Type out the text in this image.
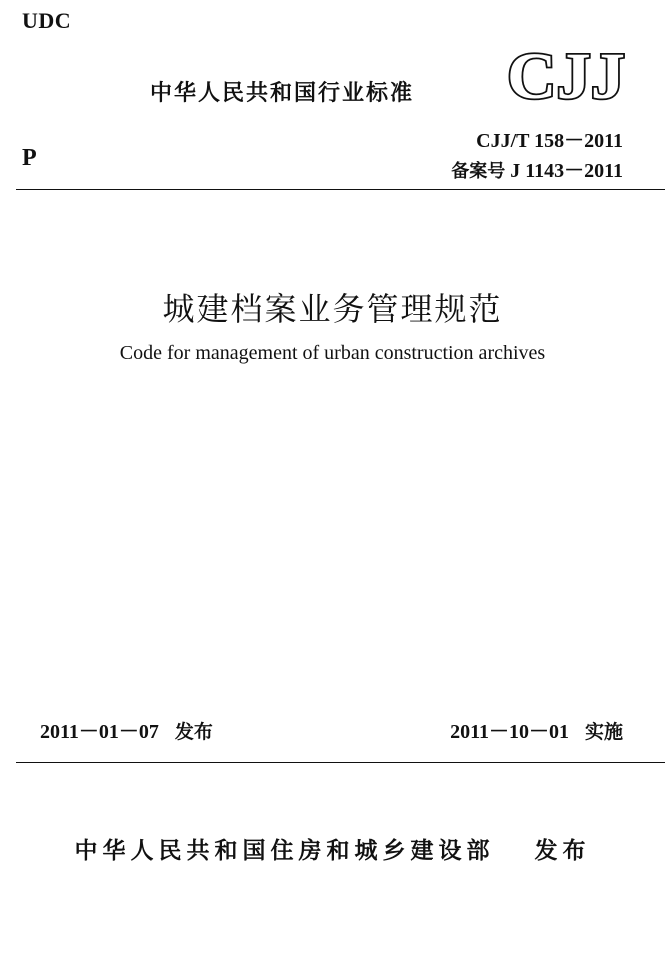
UDC
中华人民共和国行业标准 CJJ
P
CJJ/T 158－2011
备案号 J 1143－2011
城建档案业务管理规范
Code for management of urban construction archives
2011－01－07 发布	2011－10－01 实施
中华人民共和国住房和城乡建设部 发布
